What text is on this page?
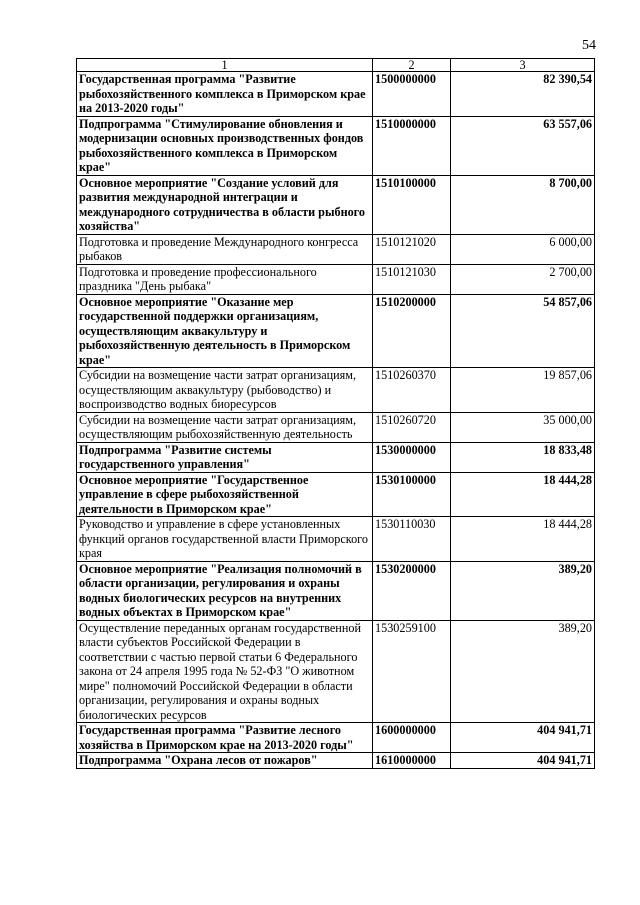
54
1	2	3
Государственная программа "Развитие рыбохозяйственного комплекса в Приморском крае на 2013-2020 годы"	1500000000	82 390,54
Подпрограмма "Стимулирование обновления и модернизации основных производственных фондов рыбохозяйственного комплекса в Приморском крае"	1510000000	63 557,06
Основное мероприятие "Создание условий для развития международной интеграции и международного сотрудничества в области рыбного хозяйства"	1510100000	8 700,00
Подготовка и проведение Международного конгресса рыбаков	1510121020	6 000,00
Подготовка и проведение профессионального праздника "День рыбака"	1510121030	2 700,00
Основное мероприятие "Оказание мер государственной поддержки организациям, осуществляющим аквакультуру и рыбохозяйственную деятельность в Приморском крае"	1510200000	54 857,06
Субсидии на возмещение части затрат организациям, осуществляющим аквакультуру (рыбоводство) и воспроизводство водных биоресурсов	1510260370	19 857,06
Субсидии на возмещение части затрат организациям, осуществляющим рыбохозяйственную деятельность	1510260720	35 000,00
Подпрограмма "Развитие системы государственного управления"	1530000000	18 833,48
Основное мероприятие "Государственное управление в сфере рыбохозяйственной деятельности в Приморском крае"	1530100000	18 444,28
Руководство и управление в сфере установленных функций органов государственной власти Приморского края	1530110030	18 444,28
Основное мероприятие "Реализация полномочий в области организации, регулирования и охраны водных биологических ресурсов на внутренних водных объектах в Приморском крае"	1530200000	389,20
Осуществление переданных органам государственной власти субъектов Российской Федерации в соответствии с частью первой статьи 6 Федерального закона от 24 апреля 1995 года № 52-ФЗ "О животном мире" полномочий Российской Федерации в области организации, регулирования и охраны водных биологических ресурсов	1530259100	389,20
Государственная программа "Развитие лесного хозяйства в Приморском крае на 2013-2020 годы"	1600000000	404 941,71
Подпрограмма "Охрана лесов от пожаров"	1610000000	404 941,71
